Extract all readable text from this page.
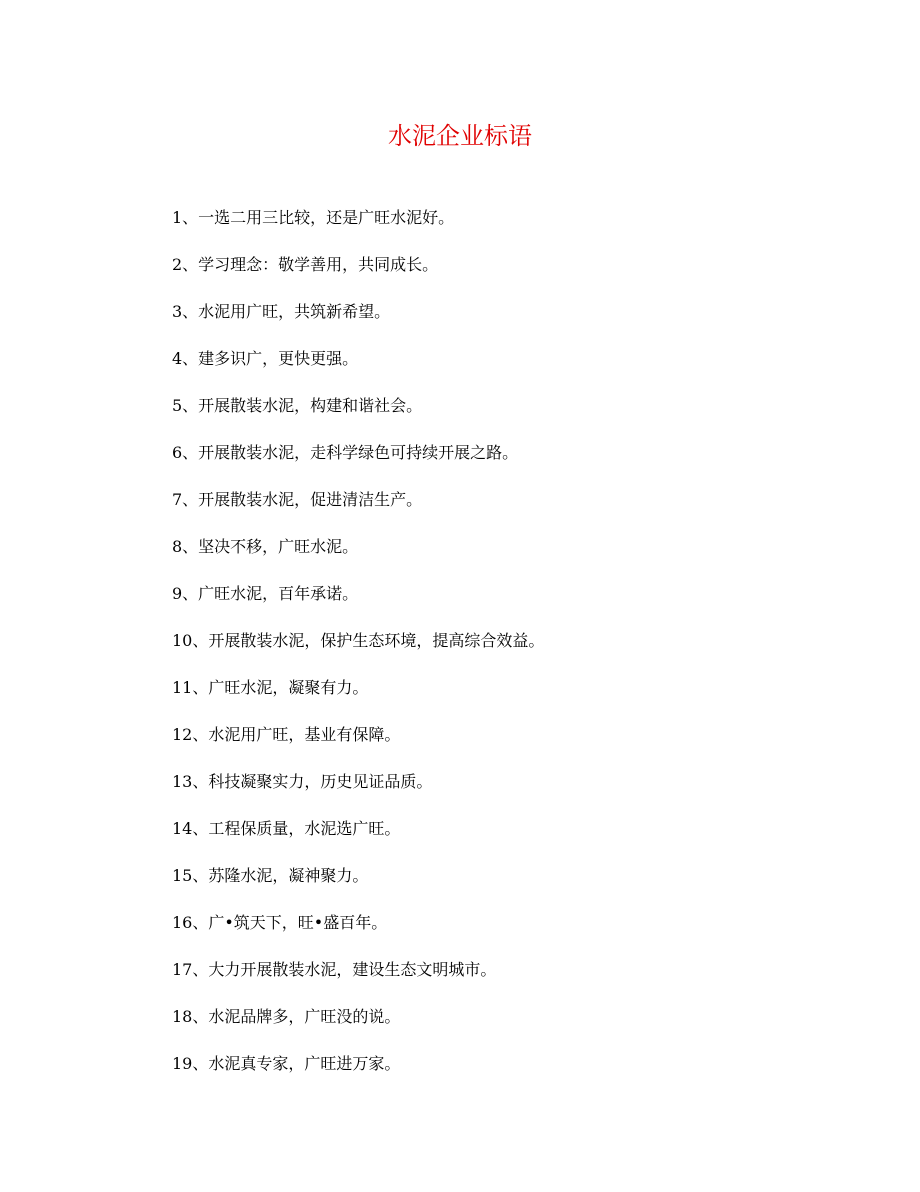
水泥企业标语
1、一选二用三比较，还是广旺水泥好。
2、学习理念：敬学善用，共同成长。
3、水泥用广旺，共筑新希望。
4、建多识广，更快更强。
5、开展散装水泥，构建和谐社会。
6、开展散装水泥，走科学绿色可持续开展之路。
7、开展散装水泥，促进清洁生产。
8、坚决不移，广旺水泥。
9、广旺水泥，百年承诺。
10、开展散装水泥，保护生态环境，提高综合效益。
11、广旺水泥，凝聚有力。
12、水泥用广旺，基业有保障。
13、科技凝聚实力，历史见证品质。
14、工程保质量，水泥选广旺。
15、苏隆水泥，凝神聚力。
16、广•筑天下，旺•盛百年。
17、大力开展散装水泥，建设生态文明城市。
18、水泥品牌多，广旺没的说。
19、水泥真专家，广旺进万家。
